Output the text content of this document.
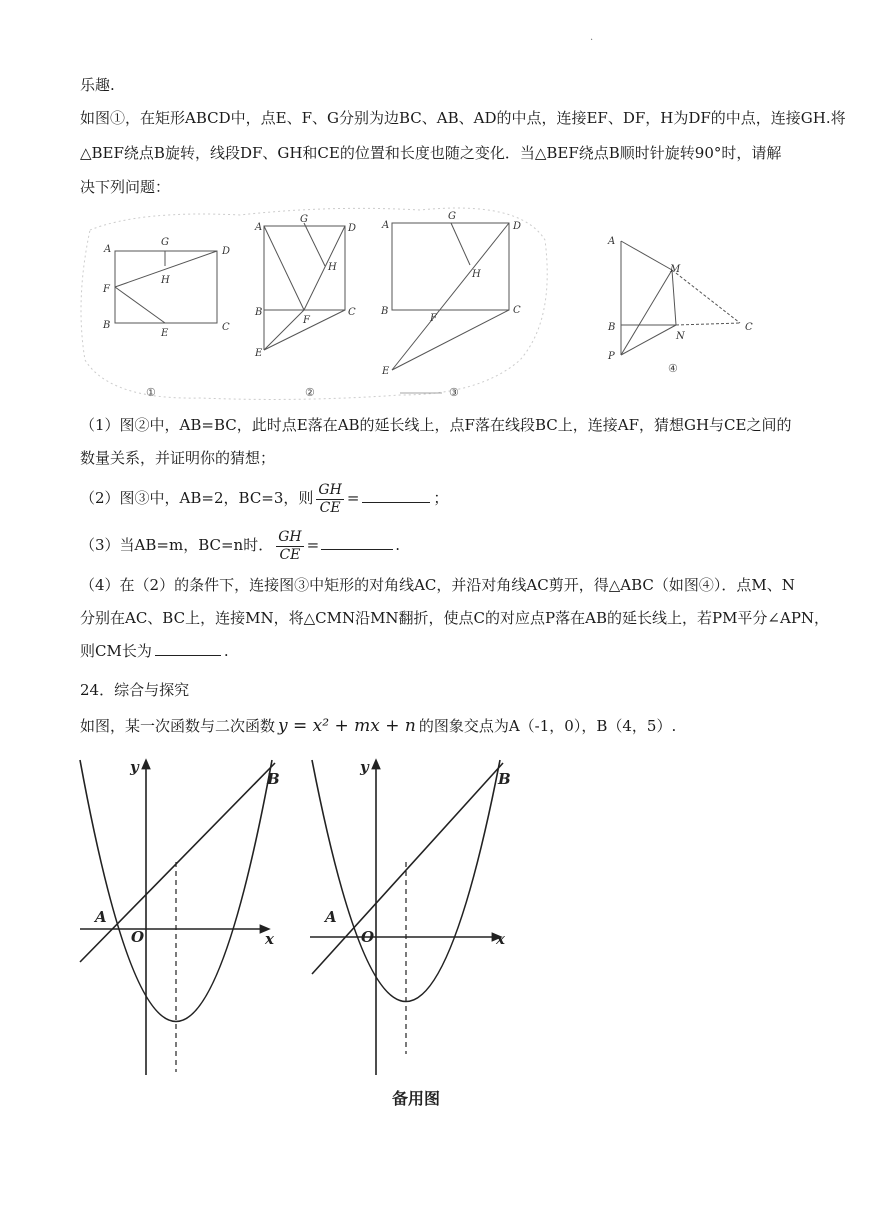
.
乐趣.
如图①，在矩形ABCD中，点E、F、G分别为边BC、AB、AD的中点，连接EF、DF，H为DF的中点，连接GH.将
△BEF绕点B旋转，线段DF、GH和CE的位置和长度也随之变化．当△BEF绕点B顺时针旋转90°时，请解
决下列问题：
A
G
D
H
F
B
E
C
A
G
D
H
B
F
C
E
A
G
D
H
B
F
C
E
A
M
B
N
C
P
①	②	③
④
（1）图②中，AB=BC，此时点E落在AB的延长线上，点F落在线段BC上，连接AF，猜想GH与CE之间的
数量关系，并证明你的猜想；
（2）图③中，AB=2，BC=3，则 $\frac{GH}{CE}$ =	；
（3）当AB=m，BC=n时． $\frac{GH}{CE}$ =	.
（4）在（2）的条件下，连接图③中矩形的对角线AC，并沿对角线AC剪开，得△ABC（如图④）．点M、N
分别在AC、BC上，连接MN，将△CMN沿MN翻折，使点C的对应点P落在AB的延长线上，若PM平分∠APN，
则CM长为	.
24．综合与探究
如图，某一次函数与二次函数 y = x² + mx + n 的图象交点为A（-1，0），B（4，5）.
y
x
O
A
B
y
x
O
A
B
备用图
